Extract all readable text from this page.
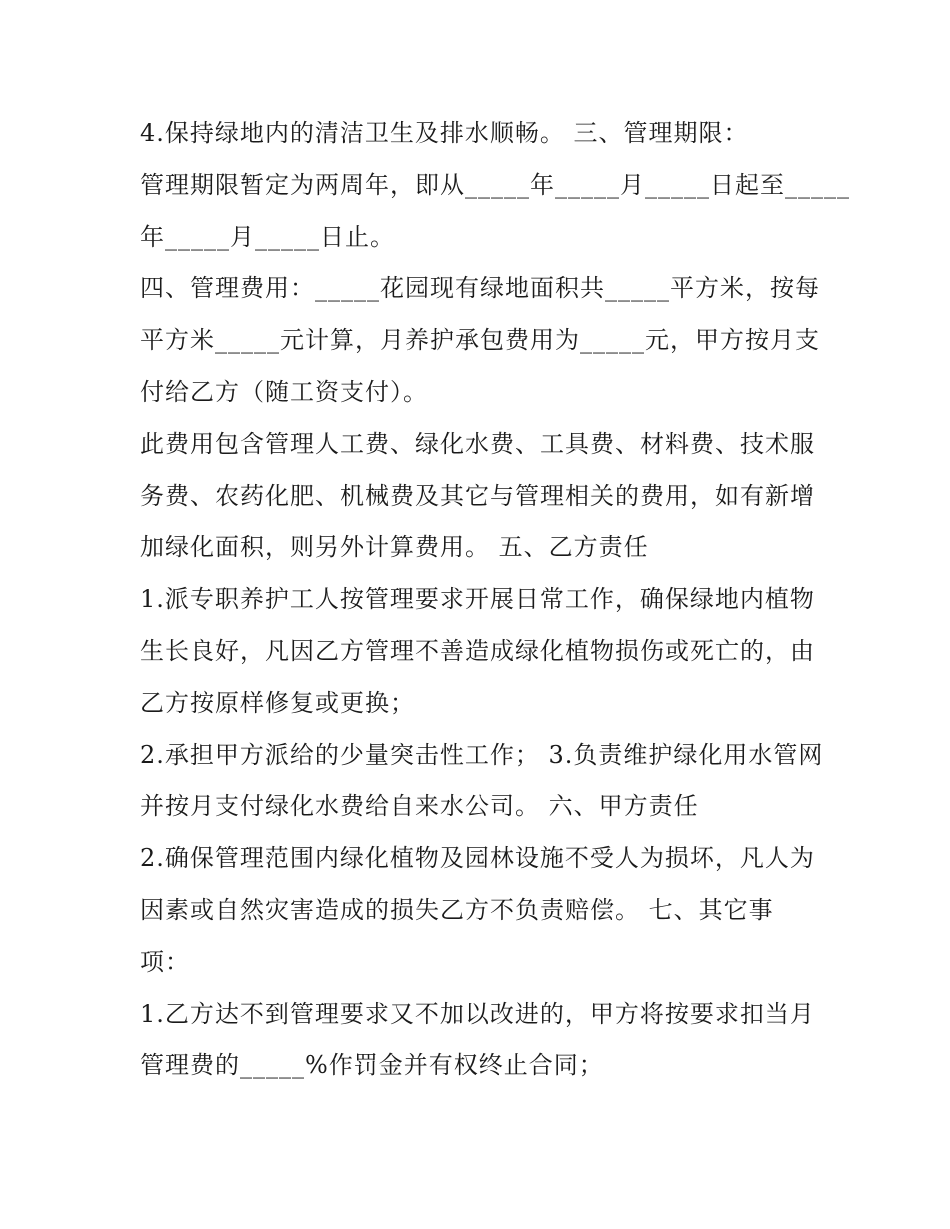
4.保持绿地内的清洁卫生及排水顺畅。 三、管理期限：
管理期限暂定为两周年，即从_____年_____月_____日起至_____
年_____月_____日止。
四、管理费用：_____花园现有绿地面积共_____平方米，按每
平方米_____元计算，月养护承包费用为_____元，甲方按月支
付给乙方（随工资支付）。
此费用包含管理人工费、绿化水费、工具费、材料费、技术服
务费、农药化肥、机械费及其它与管理相关的费用，如有新增
加绿化面积，则另外计算费用。 五、乙方责任
1.派专职养护工人按管理要求开展日常工作，确保绿地内植物
生长良好，凡因乙方管理不善造成绿化植物损伤或死亡的，由
乙方按原样修复或更换；
2.承担甲方派给的少量突击性工作； 3.负责维护绿化用水管网
并按月支付绿化水费给自来水公司。 六、甲方责任
2.确保管理范围内绿化植物及园林设施不受人为损坏，凡人为
因素或自然灾害造成的损失乙方不负责赔偿。 七、其它事
项：
1.乙方达不到管理要求又不加以改进的，甲方将按要求扣当月
管理费的_____%作罚金并有权终止合同；
